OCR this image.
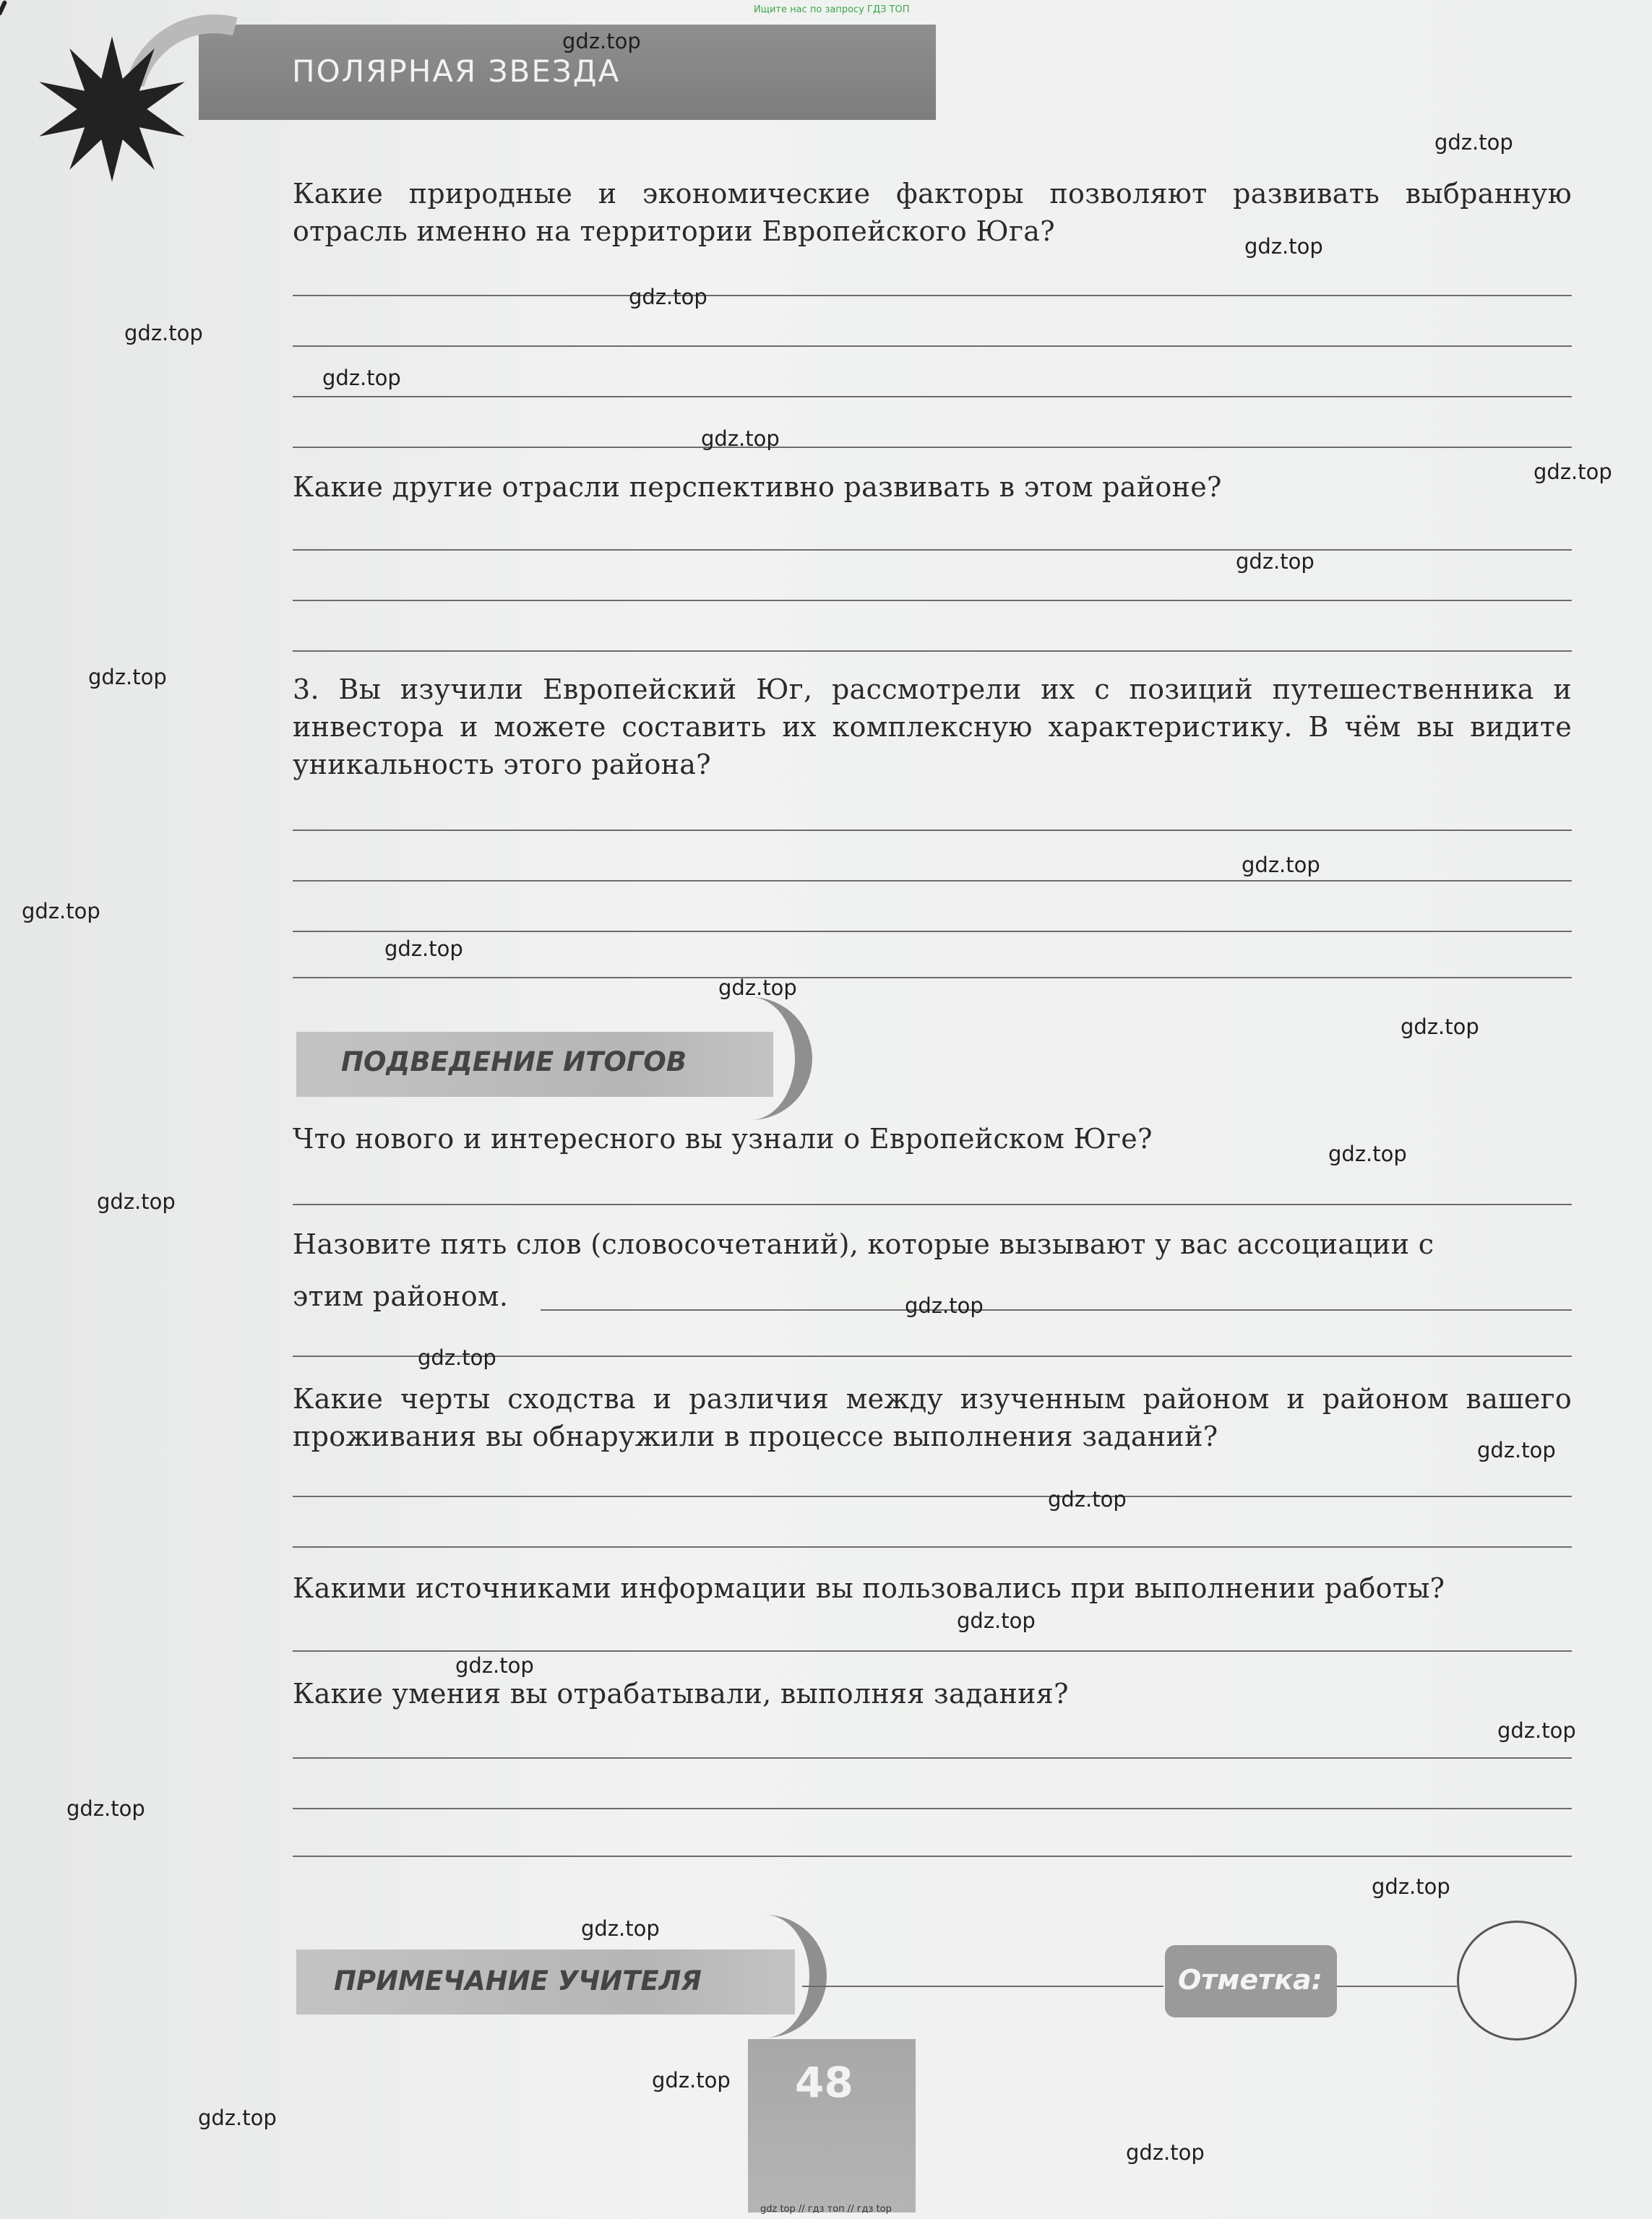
Ищите нас по запросу ГДЗ ТОП
ПОЛЯРНАЯ ЗВЕЗДА
Какие природные и экономические факторы позволяют развивать выбранную отрасль именно на территории Европейского Юга?
Какие другие отрасли перспективно развивать в этом районе?
3. Вы изучили Европейский Юг, рассмотрели их с позиций путешественника и инвестора и можете составить их комплексную характеристику. В чём вы видите уникальность этого района?
ПОДВЕДЕНИЕ ИТОГОВ
Что нового и интересного вы узнали о Европейском Юге?
Назовите пять слов (словосочетаний), которые вызывают у вас ассоциации с
этим районом.
Какие черты сходства и различия между изученным районом и районом вашего проживания вы обнаружили в процессе выполнения заданий?
Какими источниками информации вы пользовались при выполнении работы?
Какие умения вы отрабатывали, выполняя задания?
ПРИМЕЧАНИЕ УЧИТЕЛЯ	Отметка:
48
gdz.top
gdz.top
gdz.top
gdz.top
gdz.top
gdz.top
gdz.top
gdz.top
gdz.top
gdz.top
gdz.top
gdz.top
gdz.top
gdz.top
gdz.top
gdz.top
gdz.top
gdz.top
gdz.top
gdz.top
gdz.top
gdz.top
gdz.top
gdz.top
gdz.top
gdz.top
gdz.top
gdz.top
gdz.top
gdz.top
gdz top // гдз топ // гдз top
